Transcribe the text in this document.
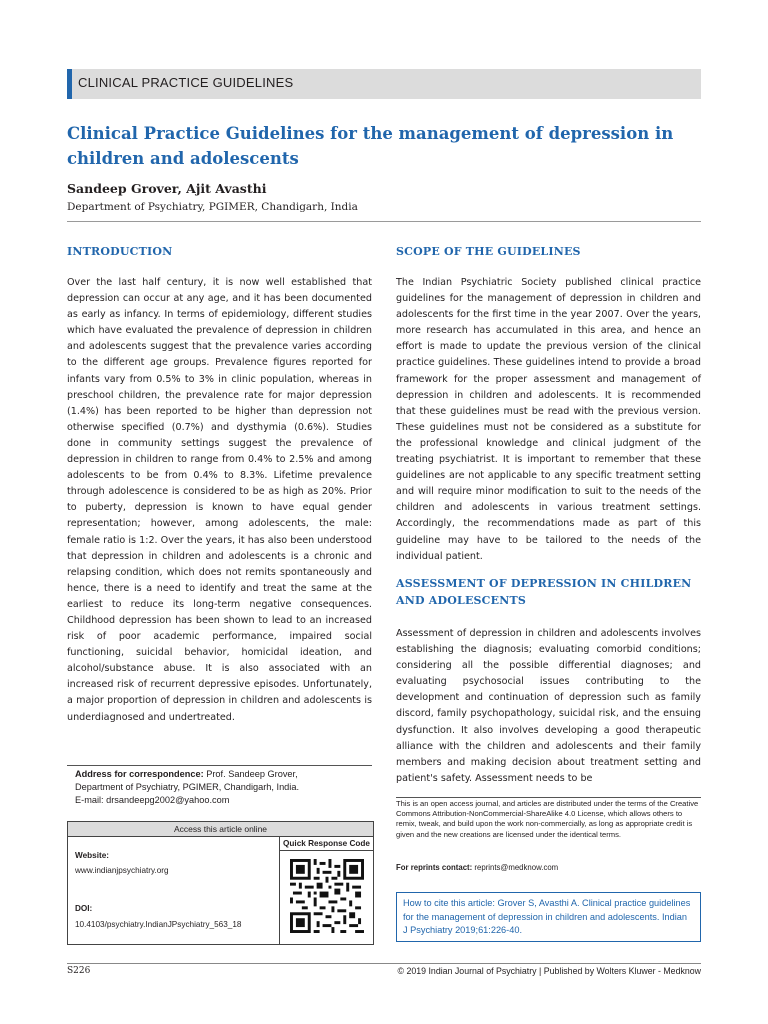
CLINICAL PRACTICE GUIDELINES
Clinical Practice Guidelines for the management of depression in children and adolescents
Sandeep Grover, Ajit Avasthi
Department of Psychiatry, PGIMER, Chandigarh, India
INTRODUCTION
Over the last half century, it is now well established that depression can occur at any age, and it has been documented as early as infancy. In terms of epidemiology, different studies which have evaluated the prevalence of depression in children and adolescents suggest that the prevalence varies according to the different age groups. Prevalence figures reported for infants vary from 0.5% to 3% in clinic population, whereas in preschool children, the prevalence rate for major depression (1.4%) has been reported to be higher than depression not otherwise specified (0.7%) and dysthymia (0.6%). Studies done in community settings suggest the prevalence of depression in children to range from 0.4% to 2.5% and among adolescents to be from 0.4% to 8.3%. Lifetime prevalence through adolescence is considered to be as high as 20%. Prior to puberty, depression is known to have equal gender representation; however, among adolescents, the male: female ratio is 1:2. Over the years, it has also been understood that depression in children and adolescents is a chronic and relapsing condition, which does not remits spontaneously and hence, there is a need to identify and treat the same at the earliest to reduce its long-term negative consequences. Childhood depression has been shown to lead to an increased risk of poor academic performance, impaired social functioning, suicidal behavior, homicidal ideation, and alcohol/substance abuse. It is also associated with an increased risk of recurrent depressive episodes. Unfortunately, a major proportion of depression in children and adolescents is underdiagnosed and undertreated.
SCOPE OF THE GUIDELINES
The Indian Psychiatric Society published clinical practice guidelines for the management of depression in children and adolescents for the first time in the year 2007. Over the years, more research has accumulated in this area, and hence an effort is made to update the previous version of the clinical practice guidelines. These guidelines intend to provide a broad framework for the proper assessment and management of depression in children and adolescents. It is recommended that these guidelines must be read with the previous version. These guidelines must not be considered as a substitute for the professional knowledge and clinical judgment of the treating psychiatrist. It is important to remember that these guidelines are not applicable to any specific treatment setting and will require minor modification to suit to the needs of the children and adolescents in various treatment settings. Accordingly, the recommendations made as part of this guideline may have to be tailored to the needs of the individual patient.
ASSESSMENT OF DEPRESSION IN CHILDREN AND ADOLESCENTS
Assessment of depression in children and adolescents involves establishing the diagnosis; evaluating comorbid conditions; considering all the possible differential diagnoses; and evaluating psychosocial issues contributing to the development and continuation of depression such as family discord, family psychopathology, suicidal risk, and the ensuing dysfunction. It also involves developing a good therapeutic alliance with the children and adolescents and their family members and making decision about treatment setting and patient's safety. Assessment needs to be
Address for correspondence: Prof. Sandeep Grover,
Department of Psychiatry, PGIMER, Chandigarh, India.
E-mail: drsandeepg2002@yahoo.com
Access this article online
Website:
www.indianjpsychiatry.org
DOI:
10.4103/psychiatry.IndianJPsychiatry_563_18
Quick Response Code
This is an open access journal, and articles are distributed under the terms of the Creative Commons Attribution-NonCommercial-ShareAlike 4.0 License, which allows others to remix, tweak, and build upon the work non-commercially, as long as appropriate credit is given and the new creations are licensed under the identical terms.
For reprints contact: reprints@medknow.com
How to cite this article: Grover S, Avasthi A. Clinical practice guidelines for the management of depression in children and adolescents. Indian J Psychiatry 2019;61:226-40.
S226	© 2019 Indian Journal of Psychiatry | Published by Wolters Kluwer - Medknow
